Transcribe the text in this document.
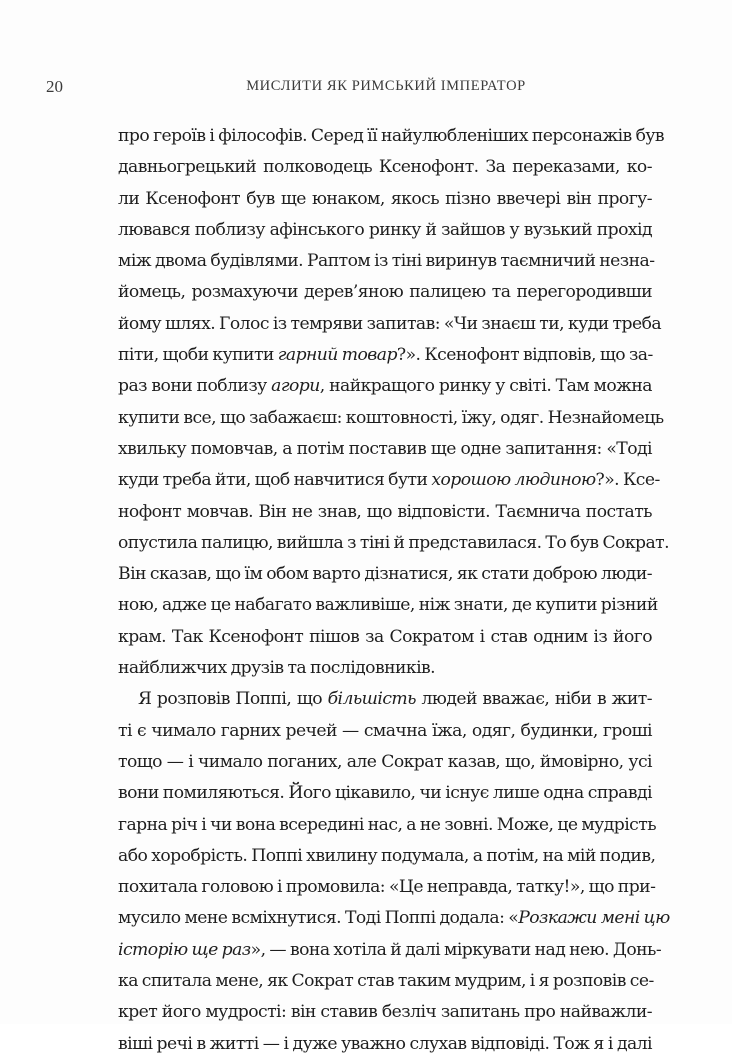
20	МИСЛИТИ ЯК РИМСЬКИЙ ІМПЕРАТОР
про героїв і філософів. Серед її найулюбленіших персонажів був
давньогрецький полководець Ксенофонт. За переказами, ко-
ли Ксенофонт був ще юнаком, якось пізно ввечері він прогу-
лювався поблизу афінського ринку й зайшов у вузький прохід
між двома будівлями. Раптом із тіні виринув таємничий незна-
йомець, розмахуючи дерев’яною палицею та перегородивши
йому шлях. Голос із темряви запитав: «Чи знаєш ти, куди треба
піти, щоби купити гарний товар?». Ксенофонт відповів, що за-
раз вони поблизу агори, найкращого ринку у світі. Там можна
купити все, що забажаєш: коштовності, їжу, одяг. Незнайомець
хвильку помовчав, а потім поставив ще одне запитання: «Тоді
куди треба йти, щоб навчитися бути хорошою людиною?». Ксе-
нофонт мовчав. Він не знав, що відповісти. Таємнича постать
опустила палицю, вийшла з тіні й представилася. То був Сократ.
Він сказав, що їм обом варто дізнатися, як стати доброю люди-
ною, адже це набагато важливіше, ніж знати, де купити різний
крам. Так Ксенофонт пішов за Сократом і став одним із його
найближчих друзів та послідовників.
Я розповів Поппі, що більшість людей вважає, ніби в жит-
ті є чимало гарних речей — смачна їжа, одяг, будинки, гроші
тощо — і чимало поганих, але Сократ казав, що, ймовірно, усі
вони помиляються. Його цікавило, чи існує лише одна справді
гарна річ і чи вона всередині нас, а не зовні. Може, це мудрість
або хоробрість. Поппі хвилину подумала, а потім, на мій подив,
похитала головою і промовила: «Це неправда, татку!», що при-
мусило мене всміхнутися. Тоді Поппі додала: «Розкажи мені цю
історію ще раз», — вона хотіла й далі міркувати над нею. Донь-
ка спитала мене, як Сократ став таким мудрим, і я розповів се-
крет його мудрості: він ставив безліч запитань про найважли-
віші речі в житті — і дуже уважно слухав відповіді. Тож я і далі
